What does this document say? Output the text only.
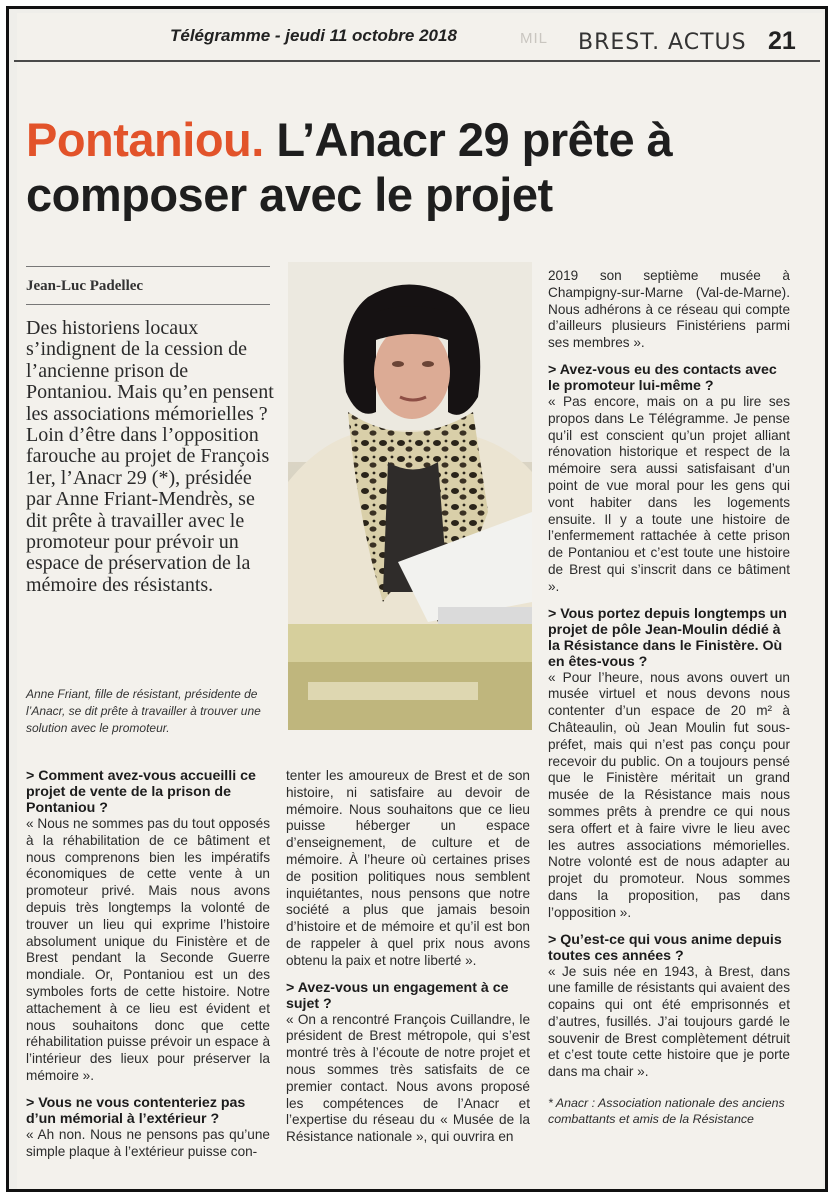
Télégramme - jeudi 11 octobre 2018	MIL BREST. ACTUS 21
Pontaniou. L’Anacr 29 prête à composer avec le projet
Jean-Luc Padellec

Des historiens locaux s’indignent de la cession de l’ancienne prison de Pontaniou. Mais qu’en pensent les associations mémorielles ? Loin d’être dans l’opposition farouche au projet de François 1er, l’Anacr 29 (*), présidée par Anne Friant-Mendrès, se dit prête à travailler avec le promoteur pour prévoir un espace de préservation de la mémoire des résistants.

Anne Friant, fille de résistant, présidente de l’Anacr, se dit prête à travailler à trouver une solution avec le promoteur.

2019 son septième musée à Champigny-sur-Marne (Val-de-Marne). Nous adhérons à ce réseau qui compte d’ailleurs plusieurs Finistériens parmi ses membres ».

> Avez-vous eu des contacts avec le promoteur lui-même ?

« Pas encore, mais on a pu lire ses propos dans Le Télégramme. Je pense qu’il est conscient qu’un projet alliant rénovation historique et respect de la mémoire sera aussi satisfaisant d’un point de vue moral pour les gens qui vont habiter dans les logements ensuite. Il y a toute une histoire de l’enfermement rattachée à cette prison de Pontaniou et c’est toute une histoire de Brest qui s’inscrit dans ce bâtiment ».

> Vous portez depuis longtemps un projet de pôle Jean-Moulin dédié à la Résistance dans le Finistère. Où en êtes-vous ?

« Pour l’heure, nous avons ouvert un musée virtuel et nous devons nous contenter d’un espace de 20 m² à Châteaulin, où Jean Moulin fut sous-préfet, mais qui n’est pas conçu pour recevoir du public. On a toujours pensé que le Finistère méritait un grand musée de la Résistance mais nous sommes prêts à prendre ce qui nous sera offert et à faire vivre le lieu avec les autres associations mémorielles. Notre volonté est de nous adapter au projet du promoteur. Nous sommes dans la proposition, pas dans l’opposition ».

> Qu’est-ce qui vous anime depuis toutes ces années ?

« Je suis née en 1943, à Brest, dans une famille de résistants qui avaient des copains qui ont été emprisonnés et d’autres, fusillés. J’ai toujours gardé le souvenir de Brest complètement détruit et c’est toute cette histoire que je porte dans ma chair ».

* Anacr : Association nationale des anciens combattants et amis de la Résistance

> Comment avez-vous accueilli ce projet de vente de la prison de Pontaniou ?

« Nous ne sommes pas du tout opposés à la réhabilitation de ce bâtiment et nous comprenons bien les impératifs économiques de cette vente à un promoteur privé. Mais nous avons depuis très longtemps la volonté de trouver un lieu qui exprime l’histoire absolument unique du Finistère et de Brest pendant la Seconde Guerre mondiale. Or, Pontaniou est un des symboles forts de cette histoire. Notre attachement à ce lieu est évident et nous souhaitons donc que cette réhabilitation puisse prévoir un espace à l’intérieur des lieux pour préserver la mémoire ».

> Vous ne vous contenteriez pas d’un mémorial à l’extérieur ?

« Ah non. Nous ne pensons pas qu’une simple plaque à l’extérieur puisse con-

tenter les amoureux de Brest et de son histoire, ni satisfaire au devoir de mémoire. Nous souhaitons que ce lieu puisse héberger un espace d’enseignement, de culture et de mémoire. À l’heure où certaines prises de position politiques nous semblent inquiétantes, nous pensons que notre société a plus que jamais besoin d’histoire et de mémoire et qu’il est bon de rappeler à quel prix nous avons obtenu la paix et notre liberté ».

> Avez-vous un engagement à ce sujet ?

« On a rencontré François Cuillandre, le président de Brest métropole, qui s’est montré très à l’écoute de notre projet et nous sommes très satisfaits de ce premier contact. Nous avons proposé les compétences de l’Anacr et l’expertise du réseau du « Musée de la Résistance nationale », qui ouvrira en
